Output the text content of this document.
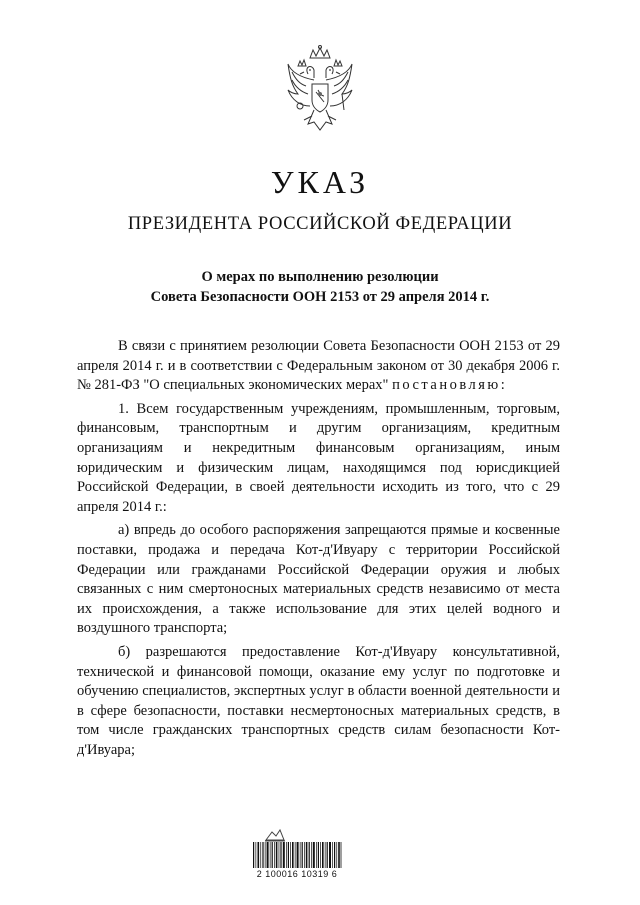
УКАЗ
ПРЕЗИДЕНТА РОССИЙСКОЙ ФЕДЕРАЦИИ
О мерах по выполнению резолюции
Совета Безопасности ООН 2153 от 29 апреля 2014 г.

В связи с принятием резолюции Совета Безопасности ООН 2153 от 29 апреля 2014 г. и в соответствии с Федеральным законом от 30 декабря 2006 г. № 281-ФЗ "О специальных экономических мерах" постановляю:

1. Всем государственным учреждениям, промышленным, торговым, финансовым, транспортным и другим организациям, кредитным организациям и некредитным финансовым организациям, иным юридическим и физическим лицам, находящимся под юрисдикцией Российской Федерации, в своей деятельности исходить из того, что с 29 апреля 2014 г.:

а) впредь до особого распоряжения запрещаются прямые и косвенные поставки, продажа и передача Кот-д'Ивуару с территории Российской Федерации или гражданами Российской Федерации оружия и любых связанных с ним смертоносных материальных средств независимо от места их происхождения, а также использование для этих целей водного и воздушного транспорта;

б) разрешаются предоставление Кот-д'Ивуару консультативной, технической и финансовой помощи, оказание ему услуг по подготовке и обучению специалистов, экспертных услуг в области военной деятельности и в сфере безопасности, поставки несмертоносных материальных средств, в том числе гражданских транспортных средств силам безопасности Кот-д'Ивуара;

2 100016 10319 6
